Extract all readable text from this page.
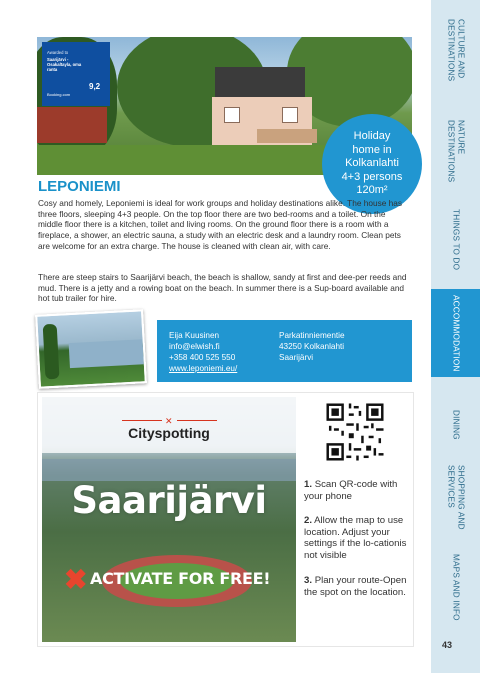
CULTURE AND
DESTINATIONS
NATURE
DESTINATIONS
THINGS TO DO
ACCOMMODATION
DINING
SHOPPING AND
SERVICES
MAPS AND INFO
43
Awarded to
Saarijärvi -
Osakaltayla, oma
ranta
9,2
Booking.com
Holiday
home in
Kolkanlahti
4+3 persons
120m²
LEPONIEMI

Cosy and homely, Leponiemi is ideal for work groups and holiday destinations alike. The house has three floors, sleeping 4+3 people. On the top floor there are two bed-rooms and a toilet. On the middle floor there is a kitchen, toilet and living rooms. On the ground floor there is a room with a fireplace, a shower, an electric sauna, a study with an electric desk and a laundry room. Clean pets are welcome for an extra charge. The house is cleaned with clean air, with care.

There are steep stairs to Saarijärvi beach, the beach is shallow, sandy at first and dee-per reeds and mud. There is a jetty and a rowing boat on the beach. In summer there is a Sup-board available and hot tub trailer for hire.

Eija Kuusinen
info@elwish.fi
+358 400 525 550
www.leponiemi.eu/
Parkatinniementie
43250 Kolkanlahti
Saarijärvi
✕
Cityspotting
Saarijärvi
✖ ACTIVATE FOR FREE!

1. Scan QR-code with your phone

2. Allow the map to use location. Adjust your settings if the lo-cationis not visible

3. Plan your route-Open the spot on the location.
